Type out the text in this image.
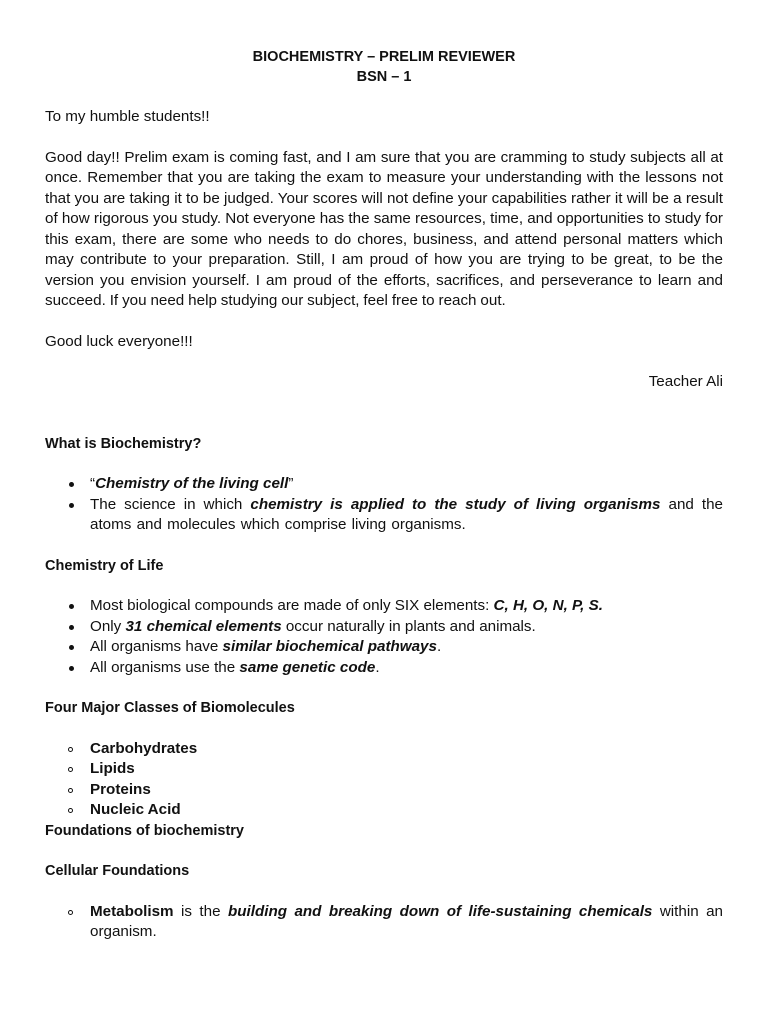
BIOCHEMISTRY – PRELIM REVIEWER
BSN – 1

To my humble students!!

Good day!! Prelim exam is coming fast, and I am sure that you are cramming to study subjects all at once. Remember that you are taking the exam to measure your understanding with the lessons not that you are taking it to be judged. Your scores will not define your capabilities rather it will be a result of how rigorous you study. Not everyone has the same resources, time, and opportunities to study for this exam, there are some who needs to do chores, business, and attend personal matters which may contribute to your preparation. Still, I am proud of how you are trying to be great, to be the version you envision yourself. I am proud of the efforts, sacrifices, and perseverance to learn and succeed. If you need help studying our subject, feel free to reach out.

Good luck everyone!!!

Teacher Ali

What is Biochemistry?

“Chemistry of the living cell”
The science in which chemistry is applied to the study of living organisms and the atoms and molecules which comprise living organisms.

Chemistry of Life

Most biological compounds are made of only SIX elements: C, H, O, N, P, S.
Only 31 chemical elements occur naturally in plants and animals.
All organisms have similar biochemical pathways.
All organisms use the same genetic code.

Four Major Classes of Biomolecules

Carbohydrates
Lipids
Proteins
Nucleic Acid

Foundations of biochemistry

Cellular Foundations

Metabolism is the building and breaking down of life-sustaining chemicals within an organism.
